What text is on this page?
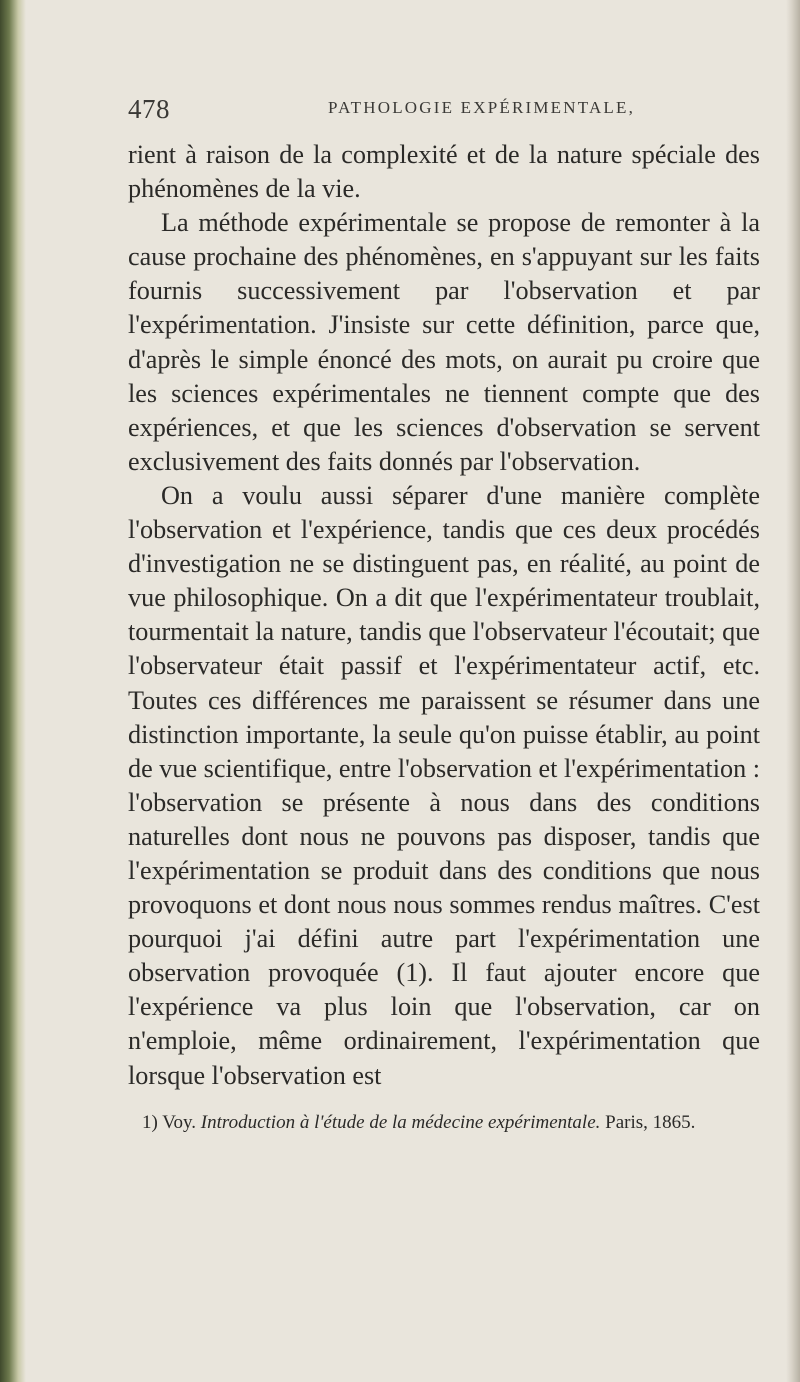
478	PATHOLOGIE EXPÉRIMENTALE,

rient à raison de la complexité et de la nature spéciale des phénomènes de la vie.

La méthode expérimentale se propose de remonter à la cause prochaine des phénomènes, en s'appuyant sur les faits fournis successivement par l'observation et par l'expérimentation. J'insiste sur cette définition, parce que, d'après le simple énoncé des mots, on aurait pu croire que les sciences expérimentales ne tiennent compte que des expériences, et que les sciences d'observation se servent exclusivement des faits donnés par l'observation.

On a voulu aussi séparer d'une manière complète l'observation et l'expérience, tandis que ces deux procédés d'investigation ne se distinguent pas, en réalité, au point de vue philosophique. On a dit que l'expérimentateur troublait, tourmentait la nature, tandis que l'observateur l'écoutait; que l'observateur était passif et l'expérimentateur actif, etc. Toutes ces différences me paraissent se résumer dans une distinction importante, la seule qu'on puisse établir, au point de vue scientifique, entre l'observation et l'expérimentation : l'observation se présente à nous dans des conditions naturelles dont nous ne pouvons pas disposer, tandis que l'expérimentation se produit dans des conditions que nous provoquons et dont nous nous sommes rendus maîtres. C'est pourquoi j'ai défini autre part l'expérimentation une observation provoquée (1). Il faut ajouter encore que l'expérience va plus loin que l'observation, car on n'emploie, même ordinairement, l'expérimentation que lorsque l'observation est

1) Voy. Introduction à l'étude de la médecine expérimentale. Paris, 1865.
